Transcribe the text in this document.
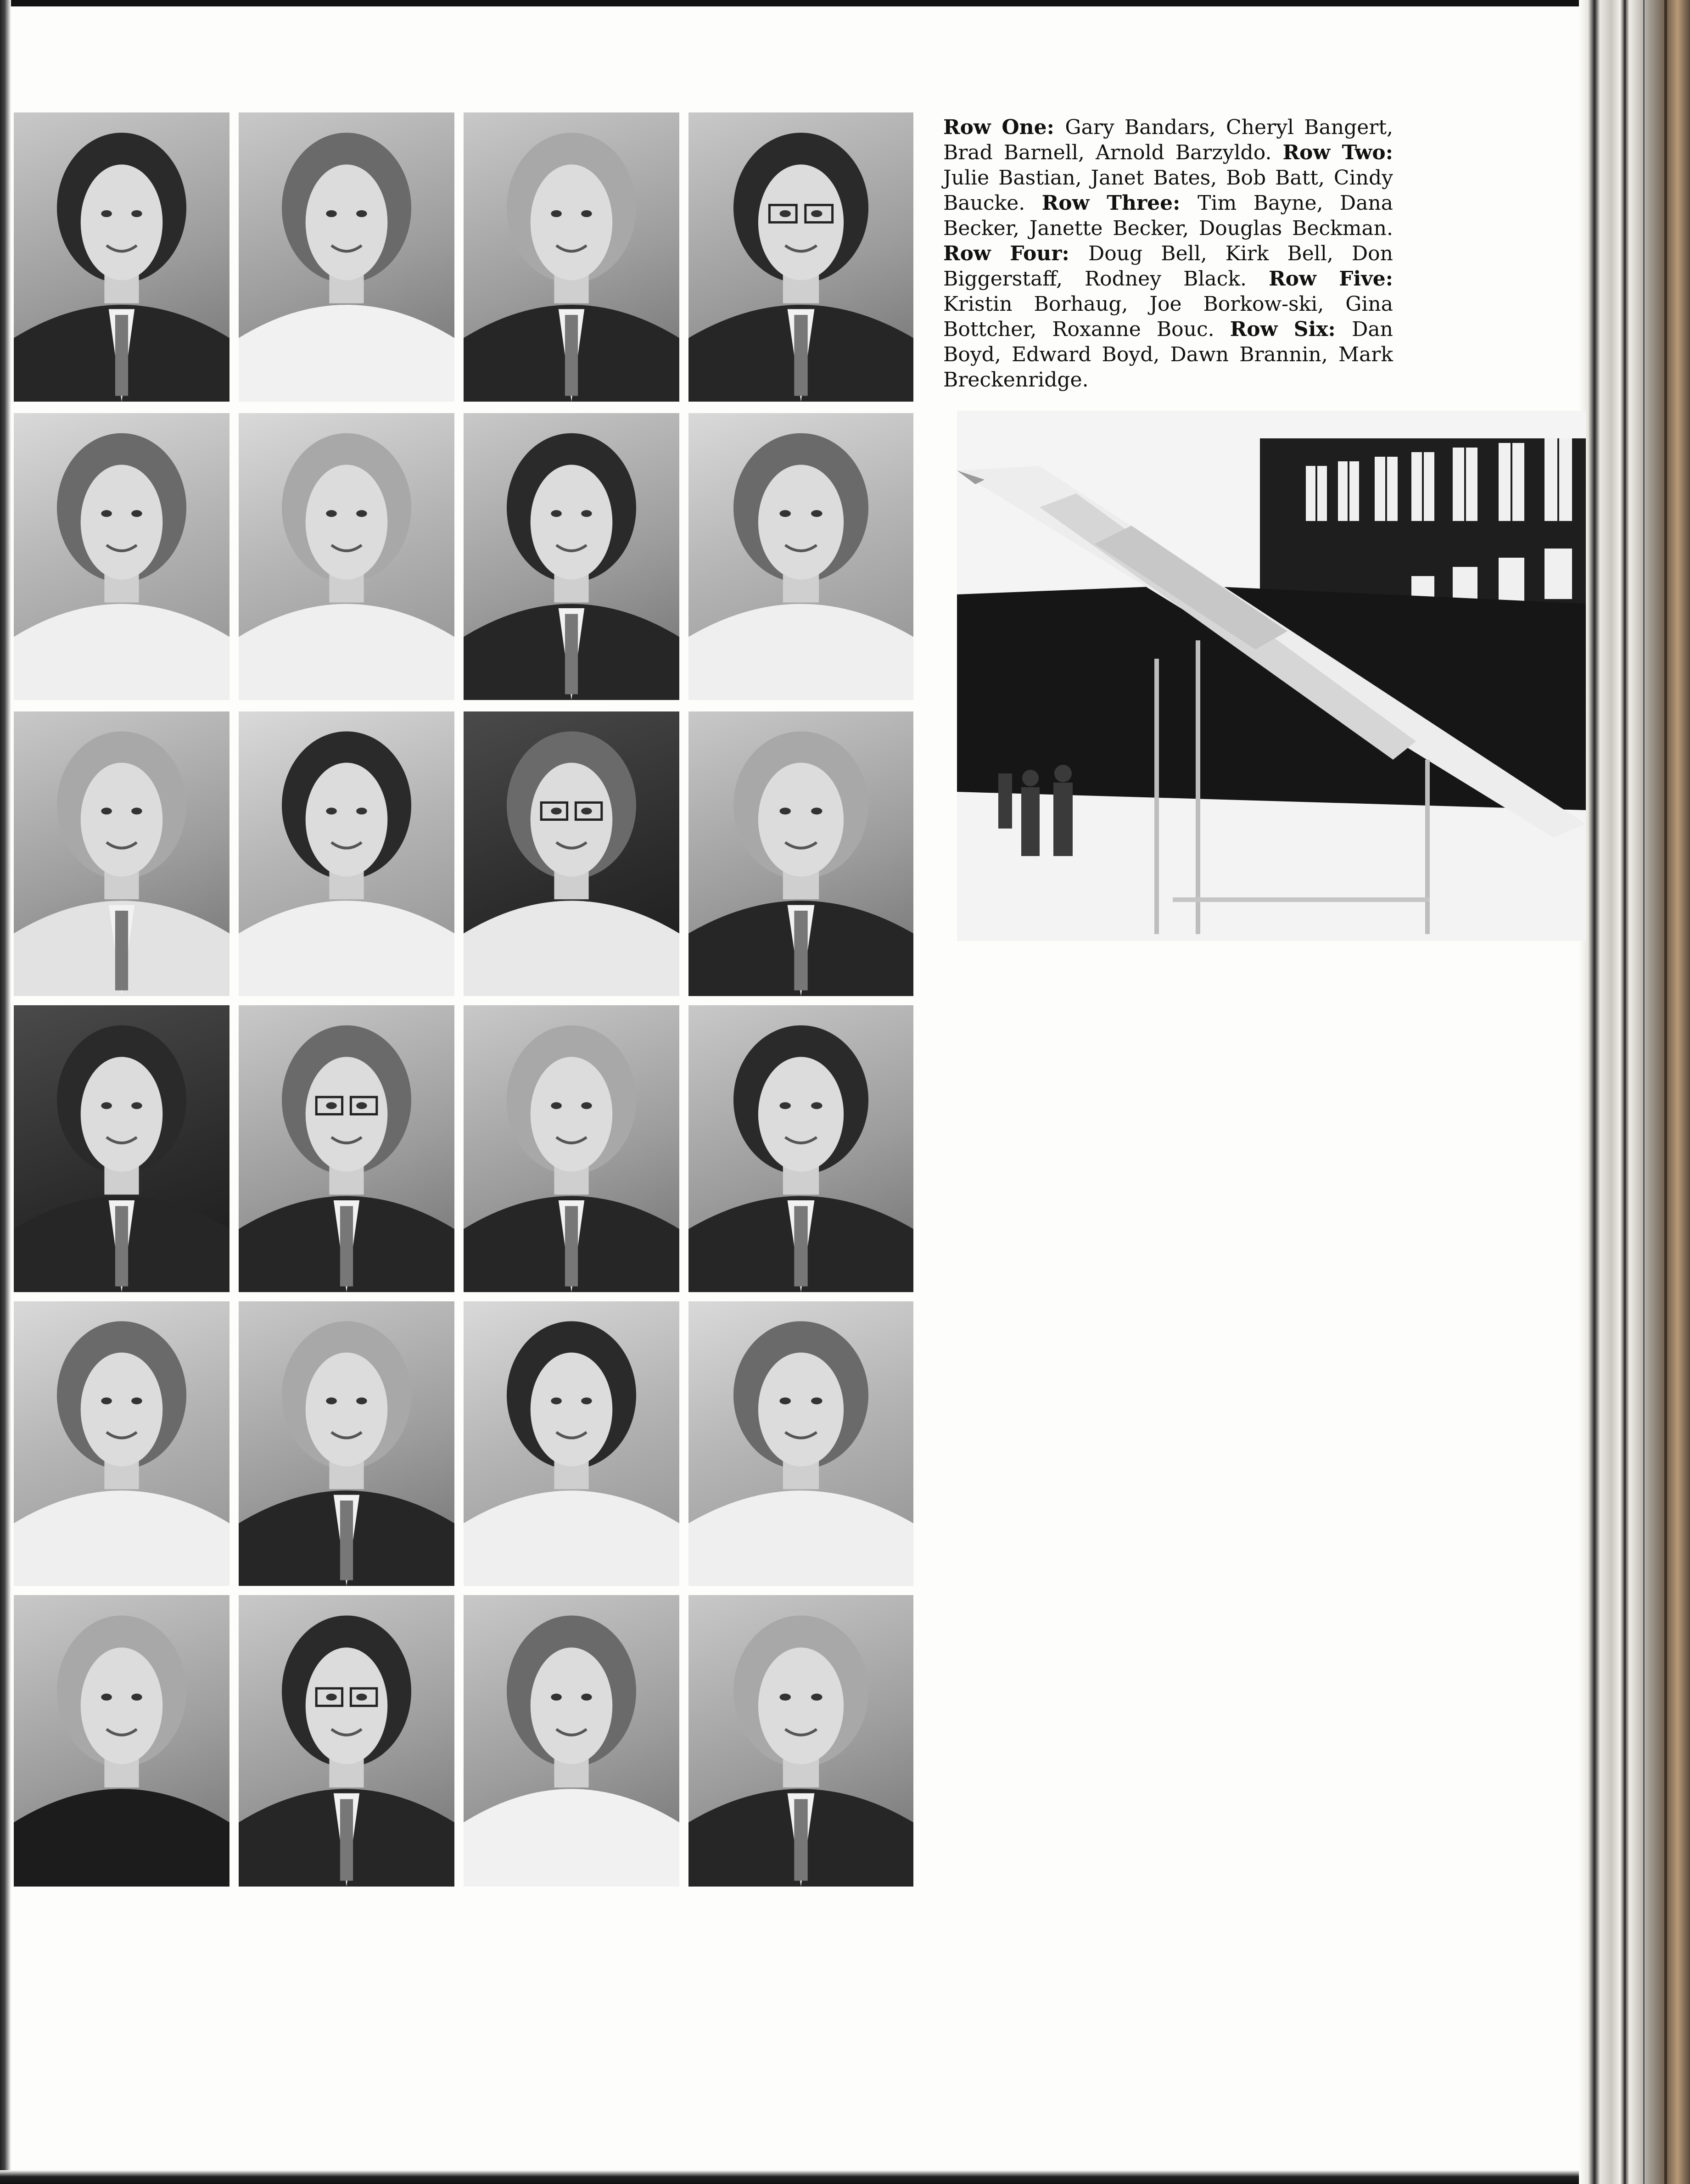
Row One: Gary Bandars, Cheryl Bangert, Brad Barnell, Arnold Barzyldo. Row Two: Julie Bastian, Janet Bates, Bob Batt, Cindy Baucke. Row Three: Tim Bayne, Dana Becker, Janette Becker, Douglas Beckman. Row Four: Doug Bell, Kirk Bell, Don Biggerstaff, Rodney Black. Row Five: Kristin Borhaug, Joe Borkow-ski, Gina Bottcher, Roxanne Bouc. Row Six: Dan Boyd, Edward Boyd, Dawn Brannin, Mark Breckenridge.
